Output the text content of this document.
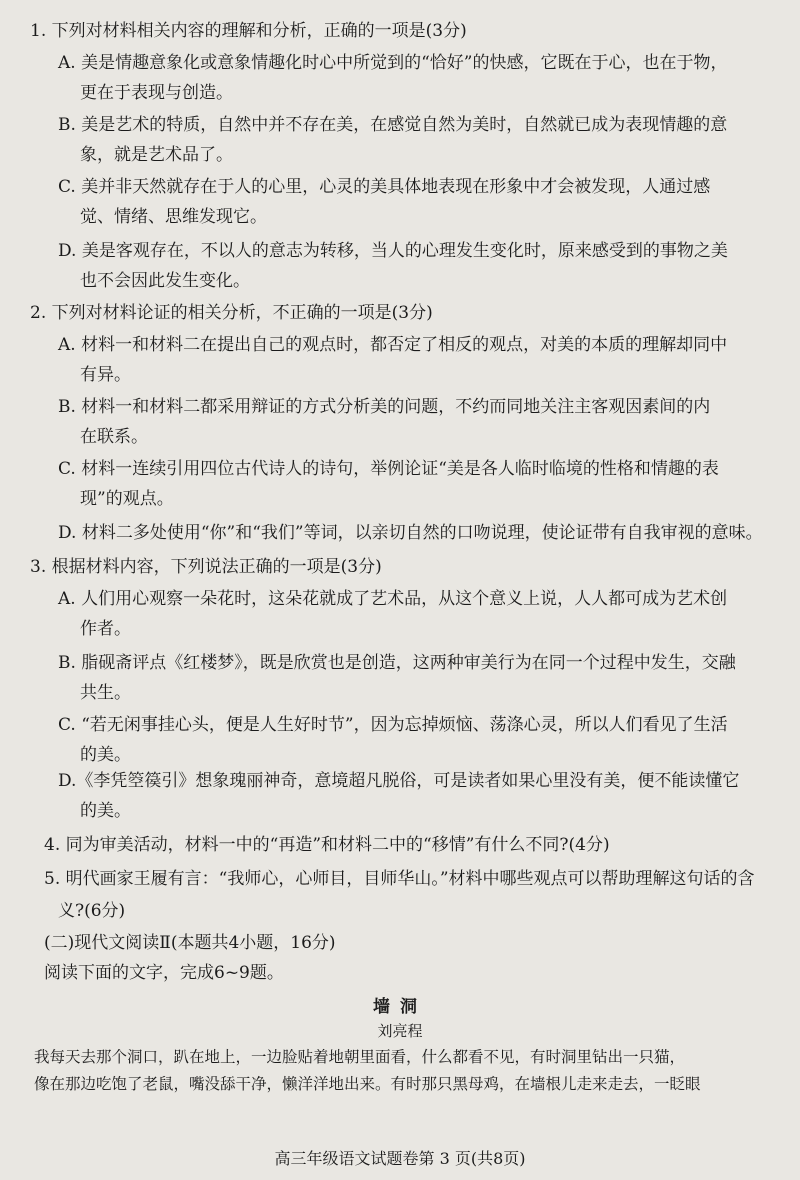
1. 下列对材料相关内容的理解和分析，正确的一项是(3分)
A. 美是情趣意象化或意象情趣化时心中所觉到的“恰好”的快感，它既在于心，也在于物，
更在于表现与创造。
B. 美是艺术的特质，自然中并不存在美，在感觉自然为美时，自然就已成为表现情趣的意
象，就是艺术品了。
C. 美并非天然就存在于人的心里，心灵的美具体地表现在形象中才会被发现，人通过感
觉、情绪、思维发现它。
D. 美是客观存在，不以人的意志为转移，当人的心理发生变化时，原来感受到的事物之美
也不会因此发生变化。
2. 下列对材料论证的相关分析，不正确的一项是(3分)
A. 材料一和材料二在提出自己的观点时，都否定了相反的观点，对美的本质的理解却同中
有异。
B. 材料一和材料二都采用辩证的方式分析美的问题，不约而同地关注主客观因素间的内
在联系。
C. 材料一连续引用四位古代诗人的诗句，举例论证“美是各人临时临境的性格和情趣的表
现”的观点。
D. 材料二多处使用“你”和“我们”等词，以亲切自然的口吻说理，使论证带有自我审视的意味。
3. 根据材料内容，下列说法正确的一项是(3分)
A. 人们用心观察一朵花时，这朵花就成了艺术品，从这个意义上说，人人都可成为艺术创
作者。
B. 脂砚斋评点《红楼梦》，既是欣赏也是创造，这两种审美行为在同一个过程中发生，交融
共生。
C. “若无闲事挂心头，便是人生好时节”，因为忘掉烦恼、荡涤心灵，所以人们看见了生活
的美。
D.《李凭箜篌引》想象瑰丽神奇，意境超凡脱俗，可是读者如果心里没有美，便不能读懂它
的美。
4. 同为审美活动，材料一中的“再造”和材料二中的“移情”有什么不同?(4分)
5. 明代画家王履有言：“我师心，心师目，目师华山。”材料中哪些观点可以帮助理解这句话的含
义?(6分)
(二)现代文阅读Ⅱ(本题共4小题，16分)
阅读下面的文字，完成6~9题。
墙洞
刘亮程
我每天去那个洞口，趴在地上，一边脸贴着地朝里面看，什么都看不见，有时洞里钻出一只猫，
像在那边吃饱了老鼠，嘴没舔干净，懒洋洋地出来。有时那只黑母鸡，在墙根儿走来走去，一眨眼
高三年级语文试题卷第 3 页(共8页)
